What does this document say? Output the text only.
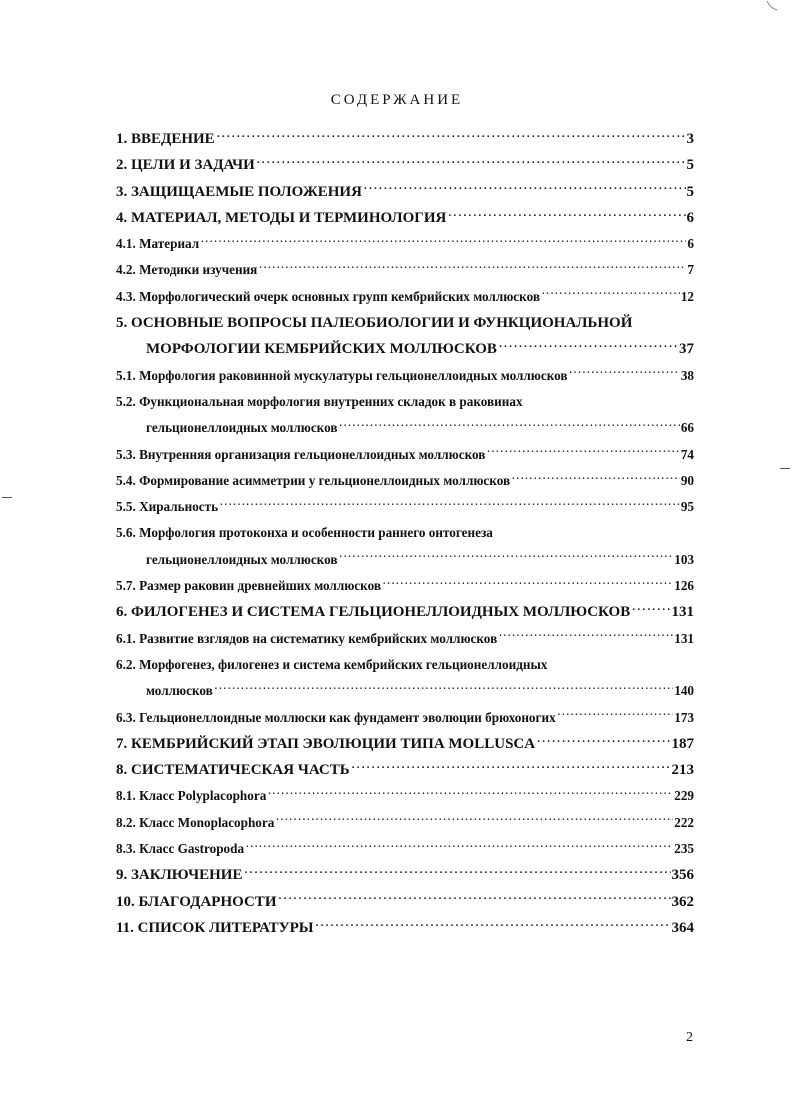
СОДЕРЖАНИЕ
1. ВВЕДЕНИЕ ……………………………………………………………………………………………………………………………………………………………………………………………………………	3
2. ЦЕЛИ И ЗАДАЧИ ……………………………………………………………………………………………………………………………………………………………………………………………………………	5
3. ЗАЩИЩАЕМЫЕ ПОЛОЖЕНИЯ ……………………………………………………………………………………………………………………………………………………………………………………………………………	5
4. МАТЕРИАЛ, МЕТОДЫ И ТЕРМИНОЛОГИЯ ……………………………………………………………………………………………………………………………………………………………………………………………………………	6
4.1. Материал ……………………………………………………………………………………………………………………………………………………………………………………………………………	6
4.2. Методики изучения ……………………………………………………………………………………………………………………………………………………………………………………………………………	7
4.3. Морфологический очерк основных групп кембрийских моллюсков ……………………………………………………………………………………………………………………………………………………………………………………………………………	12
5. ОСНОВНЫЕ ВОПРОСЫ ПАЛЕОБИОЛОГИИ И ФУНКЦИОНАЛЬНОЙ
МОРФОЛОГИИ КЕМБРИЙСКИХ МОЛЛЮСКОВ ……………………………………………………………………………………………………………………………………………………………………………………………………………	37
5.1. Морфология раковинной мускулатуры гельционеллоидных моллюсков ……………………………………………………………………………………………………………………………………………………………………………………………………………	38
5.2. Функциональная морфология внутренних складок в раковинах
гельционеллоидных моллюсков ……………………………………………………………………………………………………………………………………………………………………………………………………………	66
5.3. Внутренняя организация гельционеллоидных моллюсков ……………………………………………………………………………………………………………………………………………………………………………………………………………	74
5.4. Формирование асимметрии у гельционеллоидных моллюсков ……………………………………………………………………………………………………………………………………………………………………………………………………………	90
5.5. Хиральность ……………………………………………………………………………………………………………………………………………………………………………………………………………	95
5.6. Морфология протоконха и особенности раннего онтогенеза
гельционеллоидных моллюсков ……………………………………………………………………………………………………………………………………………………………………………………………………………	103
5.7. Размер раковин древнейших моллюсков ……………………………………………………………………………………………………………………………………………………………………………………………………………	126
6. ФИЛОГЕНЕЗ И СИСТЕМА ГЕЛЬЦИОНЕЛЛОИДНЫХ МОЛЛЮСКОВ ……………………………………………………………………………………………………………………………………………………………………………………………………………	131
6.1. Развитие взглядов на систематику кембрийских моллюсков ……………………………………………………………………………………………………………………………………………………………………………………………………………	131
6.2. Морфогенез, филогенез и система кембрийских гельционеллоидных
моллюсков ……………………………………………………………………………………………………………………………………………………………………………………………………………	140
6.3. Гельционеллоидные моллюски как фундамент эволюции брюхоногих ……………………………………………………………………………………………………………………………………………………………………………………………………………	173
7. КЕМБРИЙСКИЙ ЭТАП ЭВОЛЮЦИИ ТИПА MOLLUSCA ……………………………………………………………………………………………………………………………………………………………………………………………………………	187
8. СИСТЕМАТИЧЕСКАЯ ЧАСТЬ ……………………………………………………………………………………………………………………………………………………………………………………………………………	213
8.1. Класс Polyplacophora ……………………………………………………………………………………………………………………………………………………………………………………………………………	229
8.2. Класс Monoplacophora ……………………………………………………………………………………………………………………………………………………………………………………………………………	222
8.3. Класс Gastropoda ……………………………………………………………………………………………………………………………………………………………………………………………………………	235
9. ЗАКЛЮЧЕНИЕ ……………………………………………………………………………………………………………………………………………………………………………………………………………	356
10. БЛАГОДАРНОСТИ ……………………………………………………………………………………………………………………………………………………………………………………………………………	362
11. СПИСОК ЛИТЕРАТУРЫ ……………………………………………………………………………………………………………………………………………………………………………………………………………	364
2
